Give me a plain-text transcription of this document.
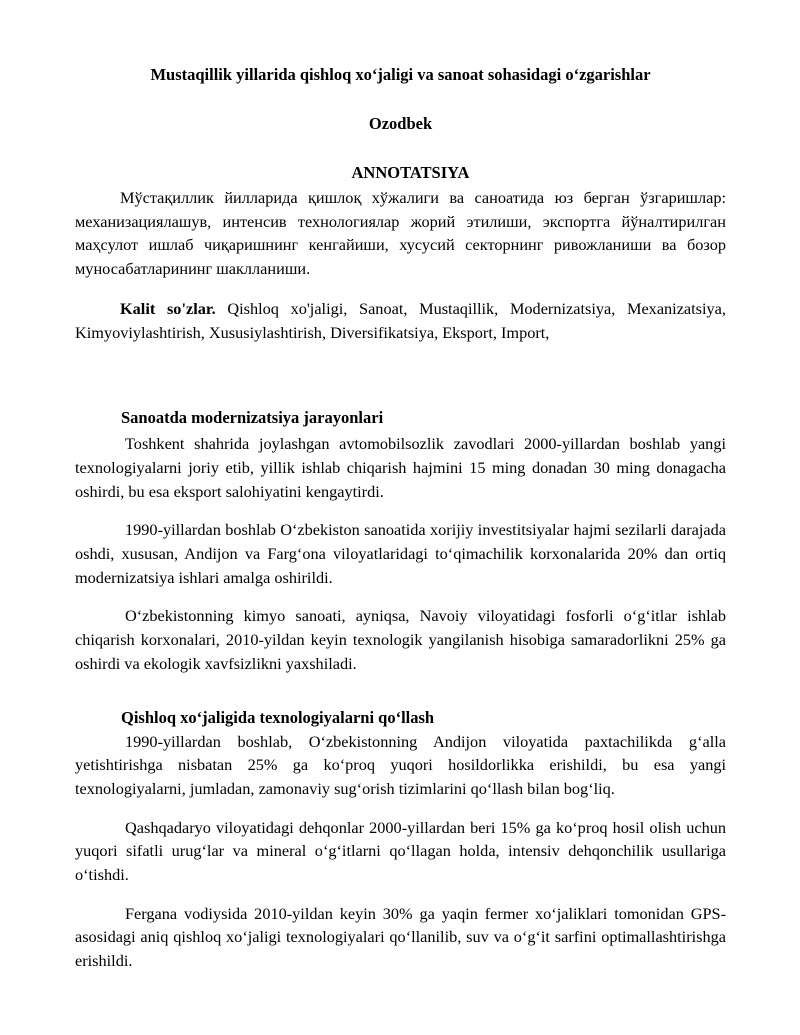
Mustaqillik yillarida qishloq xo‘jaligi va sanoat sohasidagi o‘zgarishlar
Ozodbek
ANNOTATSIYA

Мўстақиллик йилларида қишлоқ хўжалиги ва саноатида юз берган ўзгаришлар: механизациялашув, интенсив технологиялар жорий этилиши, экспортга йўналтирилган маҳсулот ишлаб чиқаришнинг кенгайиши, хусусий секторнинг ривожланиши ва бозор муносабатларининг шаклланиши.

Kalit so'zlar. Qishloq xo'jaligi, Sanoat, Mustaqillik, Modernizatsiya, Mexanizatsiya, Kimyoviylashtirish, Xususiylashtirish, Diversifikatsiya, Eksport, Import,

Sanoatda modernizatsiya jarayonlari

Toshkent shahrida joylashgan avtomobilsozlik zavodlari 2000-yillardan boshlab yangi texnologiyalarni joriy etib, yillik ishlab chiqarish hajmini 15 ming donadan 30 ming donagacha oshirdi, bu esa eksport salohiyatini kengaytirdi.

1990-yillardan boshlab O‘zbekiston sanoatida xorijiy investitsiyalar hajmi sezilarli darajada oshdi, xususan, Andijon va Farg‘ona viloyatlaridagi to‘qimachilik korxonalarida 20% dan ortiq modernizatsiya ishlari amalga oshirildi.

O‘zbekistonning kimyo sanoati, ayniqsa, Navoiy viloyatidagi fosforli o‘g‘itlar ishlab chiqarish korxonalari, 2010-yildan keyin texnologik yangilanish hisobiga samaradorlikni 25% ga oshirdi va ekologik xavfsizlikni yaxshiladi.

Qishloq xo‘jaligida texnologiyalarni qo‘llash

1990-yillardan boshlab, O‘zbekistonning Andijon viloyatida paxtachilikda g‘alla yetishtirishga nisbatan 25% ga ko‘proq yuqori hosildorlikka erishildi, bu esa yangi texnologiyalarni, jumladan, zamonaviy sug‘orish tizimlarini qo‘llash bilan bog‘liq.

Qashqadaryo viloyatidagi dehqonlar 2000-yillardan beri 15% ga ko‘proq hosil olish uchun yuqori sifatli urug‘lar va mineral o‘g‘itlarni qo‘llagan holda, intensiv dehqonchilik usullariga o‘tishdi.

Fergana vodiysida 2010-yildan keyin 30% ga yaqin fermer xo‘jaliklari tomonidan GPS-asosidagi aniq qishloq xo‘jaligi texnologiyalari qo‘llanilib, suv va o‘g‘it sarfini optimallashtirishga erishildi.
